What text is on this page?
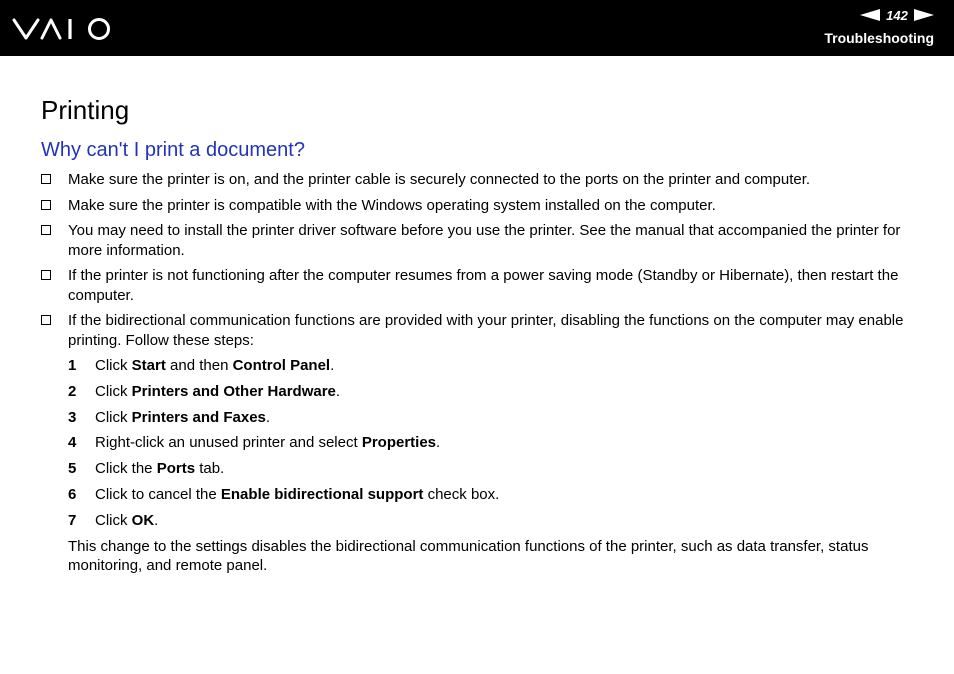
142
Troubleshooting
Printing
Why can't I print a document?
Make sure the printer is on, and the printer cable is securely connected to the ports on the printer and computer.
Make sure the printer is compatible with the Windows operating system installed on the computer.
You may need to install the printer driver software before you use the printer. See the manual that accompanied the printer for more information.
If the printer is not functioning after the computer resumes from a power saving mode (Standby or Hibernate), then restart the computer.
If the bidirectional communication functions are provided with your printer, disabling the functions on the computer may enable printing. Follow these steps:
1 Click Start and then Control Panel.
2 Click Printers and Other Hardware.
3 Click Printers and Faxes.
4 Right-click an unused printer and select Properties.
5 Click the Ports tab.
6 Click to cancel the Enable bidirectional support check box.
7 Click OK.
This change to the settings disables the bidirectional communication functions of the printer, such as data transfer, status monitoring, and remote panel.
